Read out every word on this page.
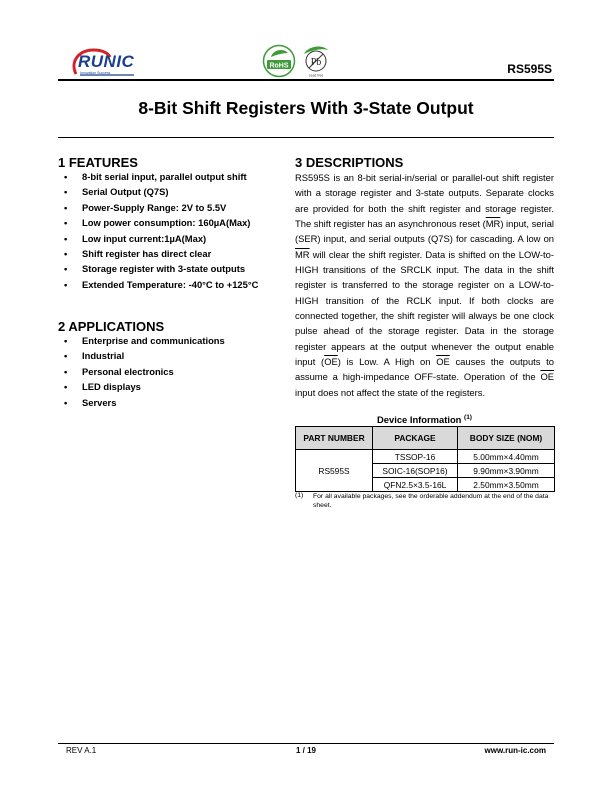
RUNIC
Innovation Success
RoHS Pb
Lead free	RS595S
8-Bit Shift Registers With 3-State Output
1 FEATURES
• 8-bit serial input, parallel output shift
• Serial Output (Q7S)
• Power-Supply Range: 2V to 5.5V
• Low power consumption: 160µA(Max)
• Low input current:1µA(Max)
• Shift register has direct clear
• Storage register with 3-state outputs
• Extended Temperature: -40°C to +125°C
2 APPLICATIONS
• Enterprise and communications
• Industrial
• Personal electronics
• LED displays
• Servers
3 DESCRIPTIONS
RS595S is an 8-bit serial-in/serial or parallel-out shift register with a storage register and 3-state outputs. Separate clocks are provided for both the shift register and storage register. The shift register has an asynchronous reset $(\overline{MR})$ input, serial (SER) input, and serial outputs (Q7S) for cascading. A low on $\overline{MR}$ will clear the shift register. Data is shifted on the LOW-to-HIGH transitions of the SRCLK input. The data in the shift register is transferred to the storage register on a LOW-to-HIGH transition of the RCLK input. If both clocks are connected together, the shift register will always be one clock pulse ahead of the storage register. Data in the storage register appears at the output whenever the output enable input $(\overline{OE})$ is Low. A High on $\overline{OE}$ causes the outputs to assume a high-impedance OFF-state. Operation of the $\overline{OE}$ input does not affect the state of the registers.
Device Information $^{(1)}$
PART NUMBER	PACKAGE	BODY SIZE (NOM)
RS595S	TSSOP-16	5.00mm×4.40mm
	SOIC-16(SOP16)	9.90mm×3.90mm
	QFN2.5×3.5-16L	2.50mm×3.50mm
(1) For all available packages, see the orderable addendum at the end of the data sheet.
REV A.1	1 / 19	www.run-ic.com
